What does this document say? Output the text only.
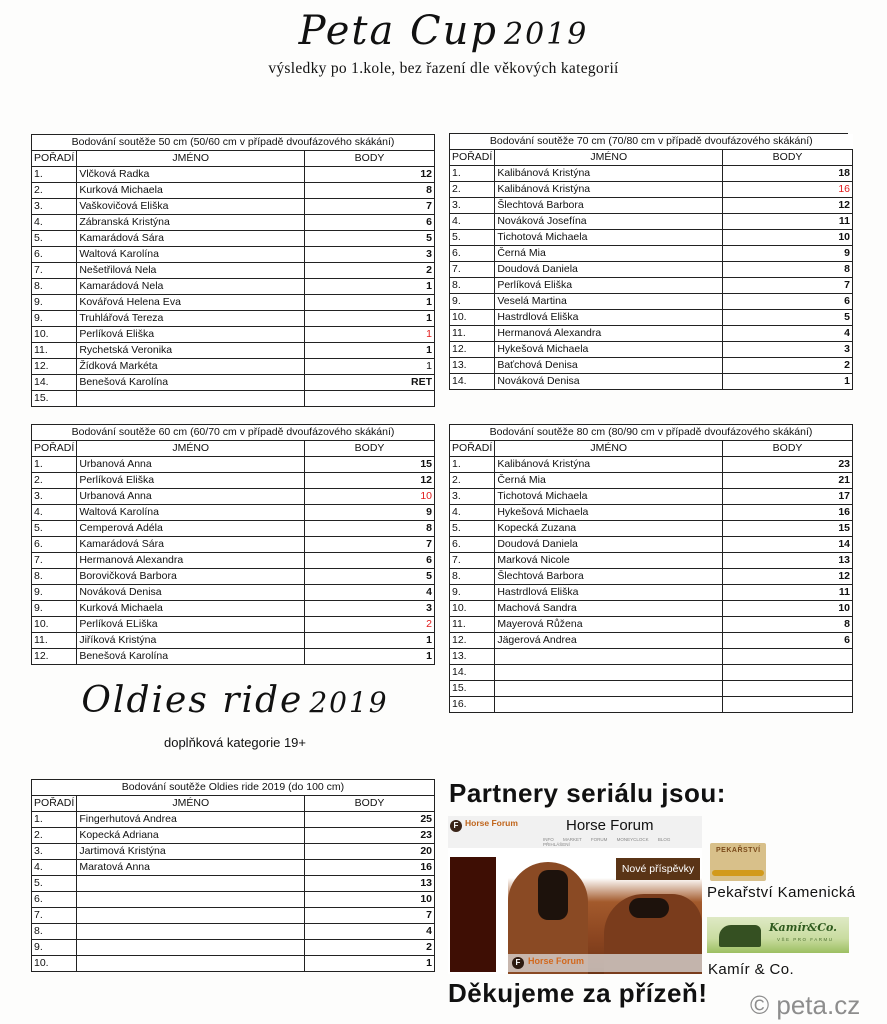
Peta Cup 2019
výsledky po 1.kole, bez řazení dle věkových kategorií
Bodování soutěže 50 cm (50/60 cm v případě dvoufázového skákání)		
POŘADÍ	JMÉNO	BODY
1.	Vlčková Radka	12
2.	Kurková Michaela	8
3.	Vaškovičová Eliška	7
4.	Zábranská Kristýna	6
5.	Kamarádová Sára	5
6.	Waltová Karolína	3
7.	Nešetřilová Nela	2
8.	Kamarádová Nela	1
9.	Kovářová Helena Eva	1
9.	Truhlářová Tereza	1
10.	Perlíková Eliška	1
11.	Rychetská Veronika	1
12.	Žídková Markéta	1
14.	Benešová Karolína	RET
15.		
Bodování soutěže 70 cm (70/80 cm v případě dvoufázového skákání)		
POŘADÍ	JMÉNO	BODY
1.	Kalibánová Kristýna	18
2.	Kalibánová Kristýna	16
3.	Šlechtová Barbora	12
4.	Nováková Josefína	11
5.	Tichotová Michaela	10
6.	Černá Mia	9
7.	Doudová Daniela	8
8.	Perlíková Eliška	7
9.	Veselá Martina	6
10.	Hastrdlová Eliška	5
11.	Hermanová Alexandra	4
12.	Hykešová Michaela	3
13.	Baťchová Denisa	2
14.	Nováková Denisa	1
Bodování soutěže 60 cm (60/70 cm v případě dvoufázového skákání)		
POŘADÍ	JMÉNO	BODY
1.	Urbanová Anna	15
2.	Perlíková Eliška	12
3.	Urbanová Anna	10
4.	Waltová Karolína	9
5.	Cemperová Adéla	8
6.	Kamarádová Sára	7
7.	Hermanová Alexandra	6
8.	Borovičková Barbora	5
9.	Nováková Denisa	4
9.	Kurková Michaela	3
10.	Perlíková ELiška	2
11.	Jiříková Kristýna	1
12.	Benešová Karolína	1
Bodování soutěže 80 cm (80/90 cm v případě dvoufázového skákání)		
POŘADÍ	JMÉNO	BODY
1.	Kalibánová Kristýna	23
2.	Černá Mia	21
3.	Tichotová Michaela	17
4.	Hykešová Michaela	16
5.	Kopecká Zuzana	15
6.	Doudová Daniela	14
7.	Marková Nicole	13
8.	Šlechtová Barbora	12
9.	Hastrdlová Eliška	11
10.	Machová Sandra	10
11.	Mayerová Růžena	8
12.	Jägerová Andrea	6
13.		
14.		
15.		
16.		
Oldies ride 2019
doplňková kategorie 19+
Bodování soutěže Oldies ride 2019 (do 100 cm)		
POŘADÍ	JMÉNO	BODY
1.	Fingerhutová Andrea	25
2.	Kopecká Adriana	23
3.	Jartimová Kristýna	20
4.	Maratová Anna	16
5.		13
6.		10
7.		7
8.		4
9.		2
10.		1
Partnery seriálu jsou:
F Horse Forum	Horse Forum
INFO MARKET FORUM MONEYCLOCK BLOG PŘIHLÁŠENÍ
Nové příspěvky
F Horse Forum
PEKAŘSTVÍ
Pekařství Kamenická
Kamír&Co.
VŠE PRO FARMU
Kamír & Co.
Děkujeme za přízeň! © peta.cz
